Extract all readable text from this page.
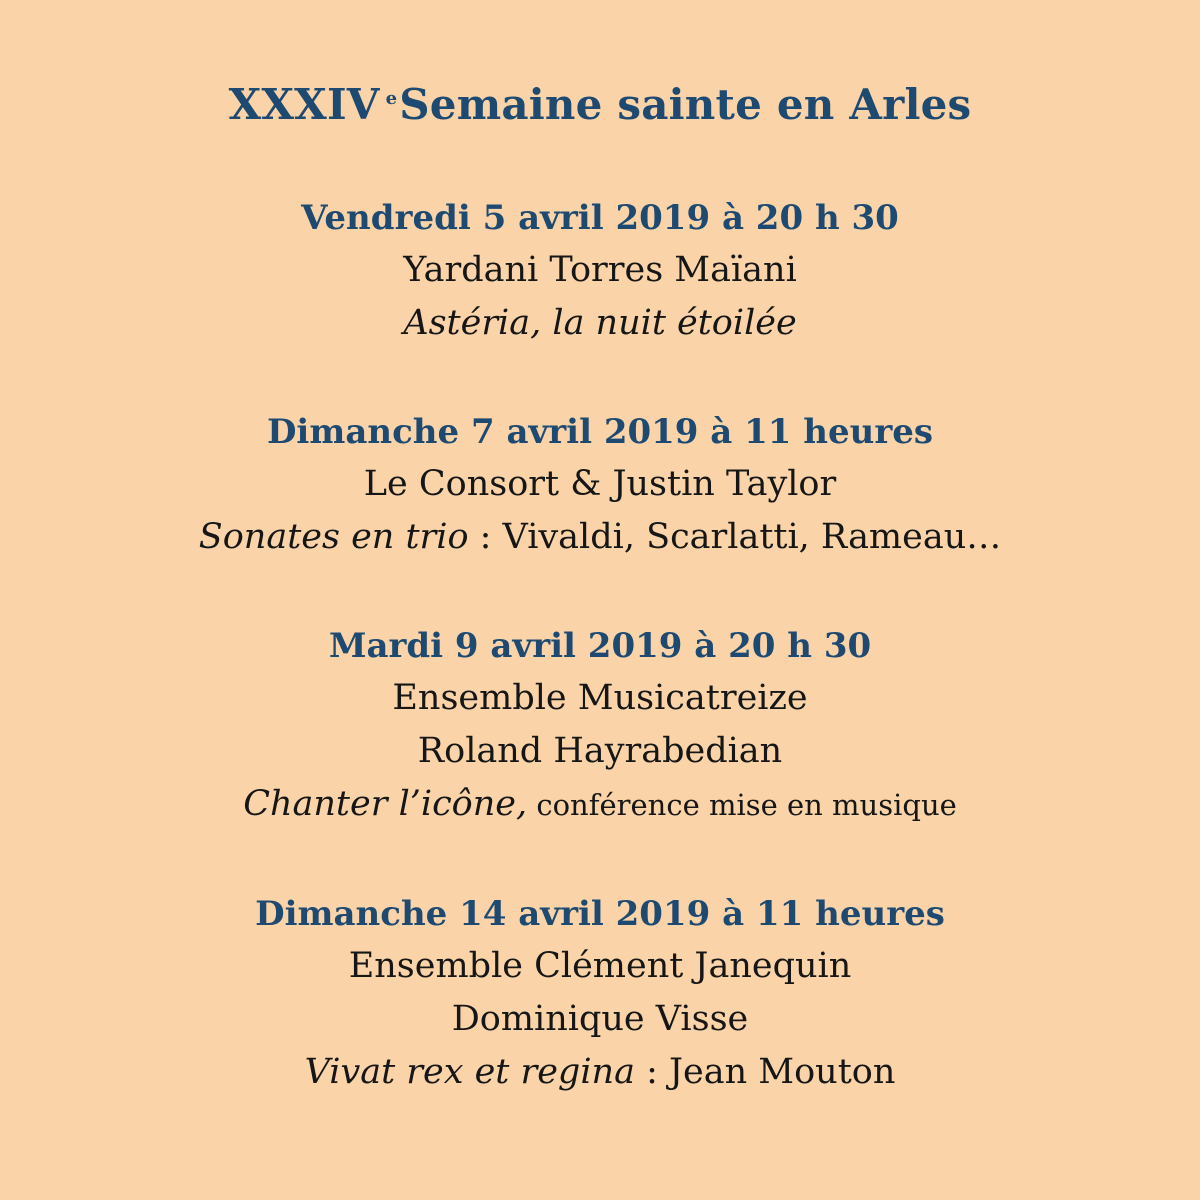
XXXIV $^e$Semaine sainte en Arles
Vendredi 5 avril 2019 à 20 h 30
Yardani Torres Maïani
Astéria, la nuit étoilée
Dimanche 7 avril 2019 à 11 heures
Le Consort & Justin Taylor
Sonates en trio : Vivaldi, Scarlatti, Rameau…
Mardi 9 avril 2019 à 20 h 30
Ensemble Musicatreize
Roland Hayrabedian
Chanter l’icône, conférence mise en musique
Dimanche 14 avril 2019 à 11 heures
Ensemble Clément Janequin
Dominique Visse
Vivat rex et regina : Jean Mouton
